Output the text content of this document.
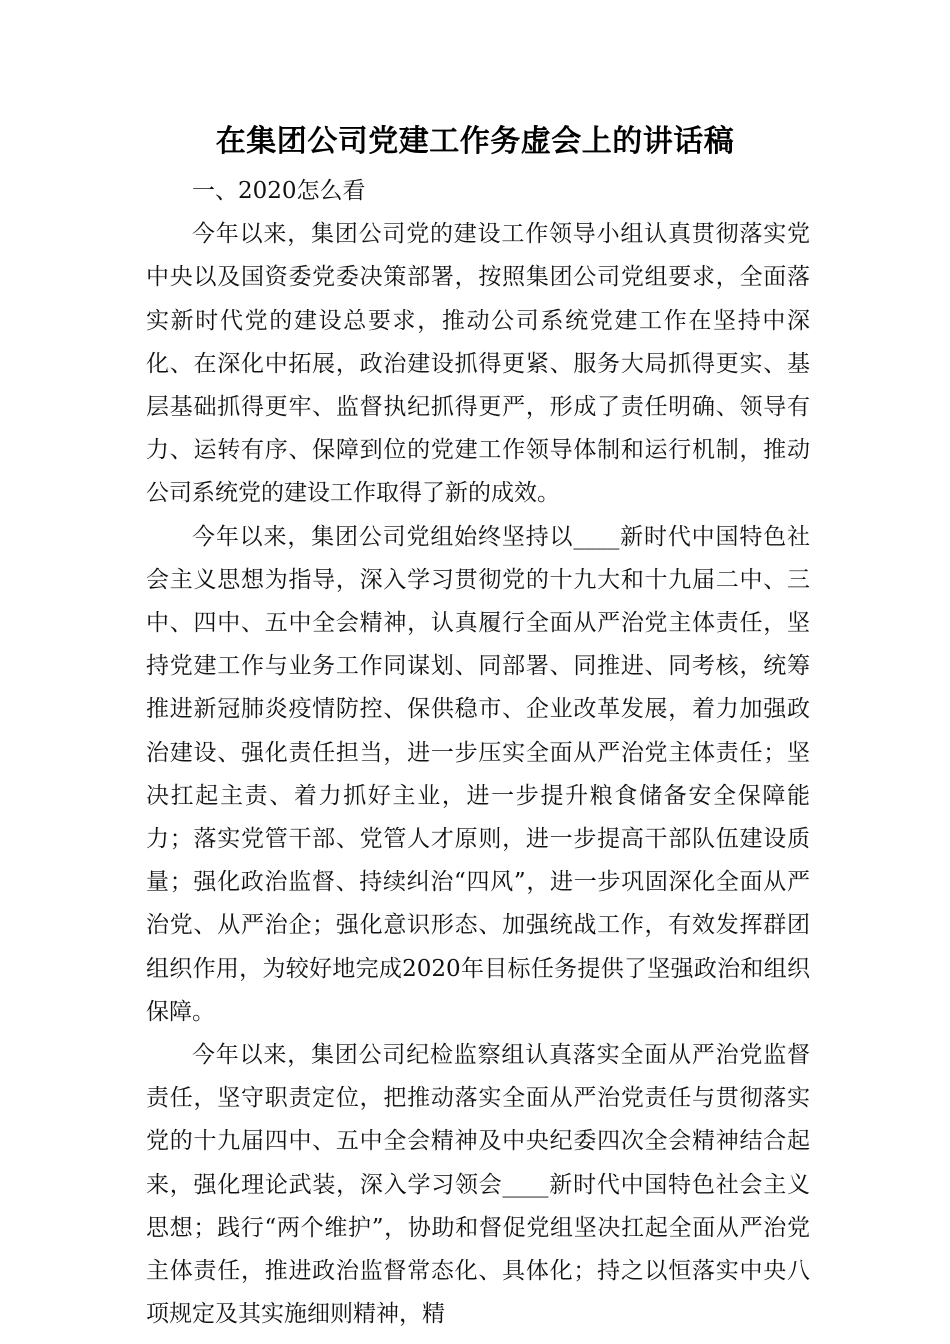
在集团公司党建工作务虚会上的讲话稿

一、2020怎么看

今年以来，集团公司党的建设工作领导小组认真贯彻落实党中央以及国资委党委决策部署，按照集团公司党组要求，全面落实新时代党的建设总要求，推动公司系统党建工作在坚持中深化、在深化中拓展，政治建设抓得更紧、服务大局抓得更实、基层基础抓得更牢、监督执纪抓得更严，形成了责任明确、领导有力、运转有序、保障到位的党建工作领导体制和运行机制，推动公司系统党的建设工作取得了新的成效。

今年以来，集团公司党组始终坚持以____新时代中国特色社会主义思想为指导，深入学习贯彻党的十九大和十九届二中、三中、四中、五中全会精神，认真履行全面从严治党主体责任，坚持党建工作与业务工作同谋划、同部署、同推进、同考核，统筹推进新冠肺炎疫情防控、保供稳市、企业改革发展，着力加强政治建设、强化责任担当，进一步压实全面从严治党主体责任；坚决扛起主责、着力抓好主业，进一步提升粮食储备安全保障能力；落实党管干部、党管人才原则，进一步提高干部队伍建设质量；强化政治监督、持续纠治“四风”，进一步巩固深化全面从严治党、从严治企；强化意识形态、加强统战工作，有效发挥群团组织作用，为较好地完成2020年目标任务提供了坚强政治和组织保障。

今年以来，集团公司纪检监察组认真落实全面从严治党监督责任，坚守职责定位，把推动落实全面从严治党责任与贯彻落实党的十九届四中、五中全会精神及中央纪委四次全会精神结合起来，强化理论武装，深入学习领会____新时代中国特色社会主义思想；践行“两个维护”，协助和督促党组坚决扛起全面从严治党主体责任，推进政治监督常态化、具体化；持之以恒落实中央八项规定及其实施细则精神，精
